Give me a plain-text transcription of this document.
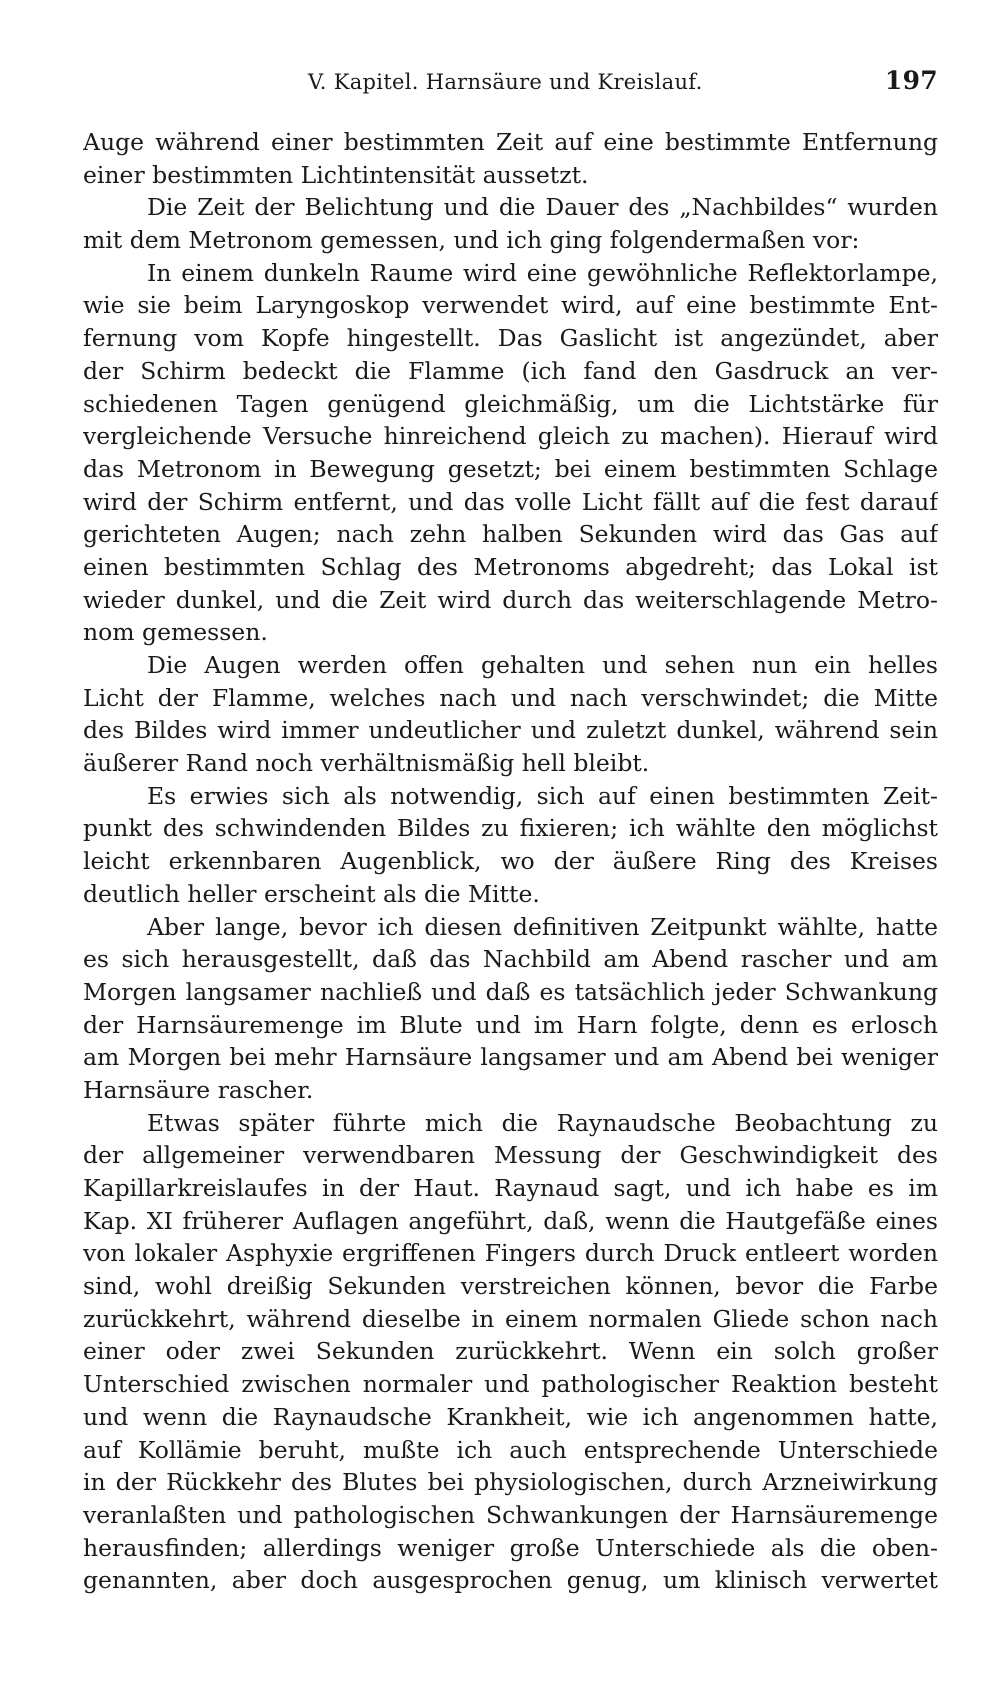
V. Kapitel. Harnsäure und Kreislauf.	197
Auge während einer bestimmten Zeit auf eine bestimmte Entfernung
einer bestimmten Lichtintensität aussetzt.
Die Zeit der Belichtung und die Dauer des „Nachbildes“ wurden
mit dem Metronom gemessen, und ich ging folgendermaßen vor:
In einem dunkeln Raume wird eine gewöhnliche Reflektorlampe,
wie sie beim Laryngoskop verwendet wird, auf eine bestimmte Ent-
fernung vom Kopfe hingestellt. Das Gaslicht ist angezündet, aber
der Schirm bedeckt die Flamme (ich fand den Gasdruck an ver-
schiedenen Tagen genügend gleichmäßig, um die Lichtstärke für
vergleichende Versuche hinreichend gleich zu machen). Hierauf wird
das Metronom in Bewegung gesetzt; bei einem bestimmten Schlage
wird der Schirm entfernt, und das volle Licht fällt auf die fest darauf
gerichteten Augen; nach zehn halben Sekunden wird das Gas auf
einen bestimmten Schlag des Metronoms abgedreht; das Lokal ist
wieder dunkel, und die Zeit wird durch das weiterschlagende Metro-
nom gemessen.
Die Augen werden offen gehalten und sehen nun ein helles
Licht der Flamme, welches nach und nach verschwindet; die Mitte
des Bildes wird immer undeutlicher und zuletzt dunkel, während sein
äußerer Rand noch verhältnismäßig hell bleibt.
Es erwies sich als notwendig, sich auf einen bestimmten Zeit-
punkt des schwindenden Bildes zu fixieren; ich wählte den möglichst
leicht erkennbaren Augenblick, wo der äußere Ring des Kreises
deutlich heller erscheint als die Mitte.
Aber lange, bevor ich diesen definitiven Zeitpunkt wählte, hatte
es sich herausgestellt, daß das Nachbild am Abend rascher und am
Morgen langsamer nachließ und daß es tatsächlich jeder Schwankung
der Harnsäuremenge im Blute und im Harn folgte, denn es erlosch
am Morgen bei mehr Harnsäure langsamer und am Abend bei weniger
Harnsäure rascher.
Etwas später führte mich die Raynaudsche Beobachtung zu
der allgemeiner verwendbaren Messung der Geschwindigkeit des
Kapillarkreislaufes in der Haut. Raynaud sagt, und ich habe es im
Kap. XI früherer Auflagen angeführt, daß, wenn die Hautgefäße eines
von lokaler Asphyxie ergriffenen Fingers durch Druck entleert worden
sind, wohl dreißig Sekunden verstreichen können, bevor die Farbe
zurückkehrt, während dieselbe in einem normalen Gliede schon nach
einer oder zwei Sekunden zurückkehrt. Wenn ein solch großer
Unterschied zwischen normaler und pathologischer Reaktion besteht
und wenn die Raynaudsche Krankheit, wie ich angenommen hatte,
auf Kollämie beruht, mußte ich auch entsprechende Unterschiede
in der Rückkehr des Blutes bei physiologischen, durch Arzneiwirkung
veranlaßten und pathologischen Schwankungen der Harnsäuremenge
herausfinden; allerdings weniger große Unterschiede als die oben-
genannten, aber doch ausgesprochen genug, um klinisch verwertet
